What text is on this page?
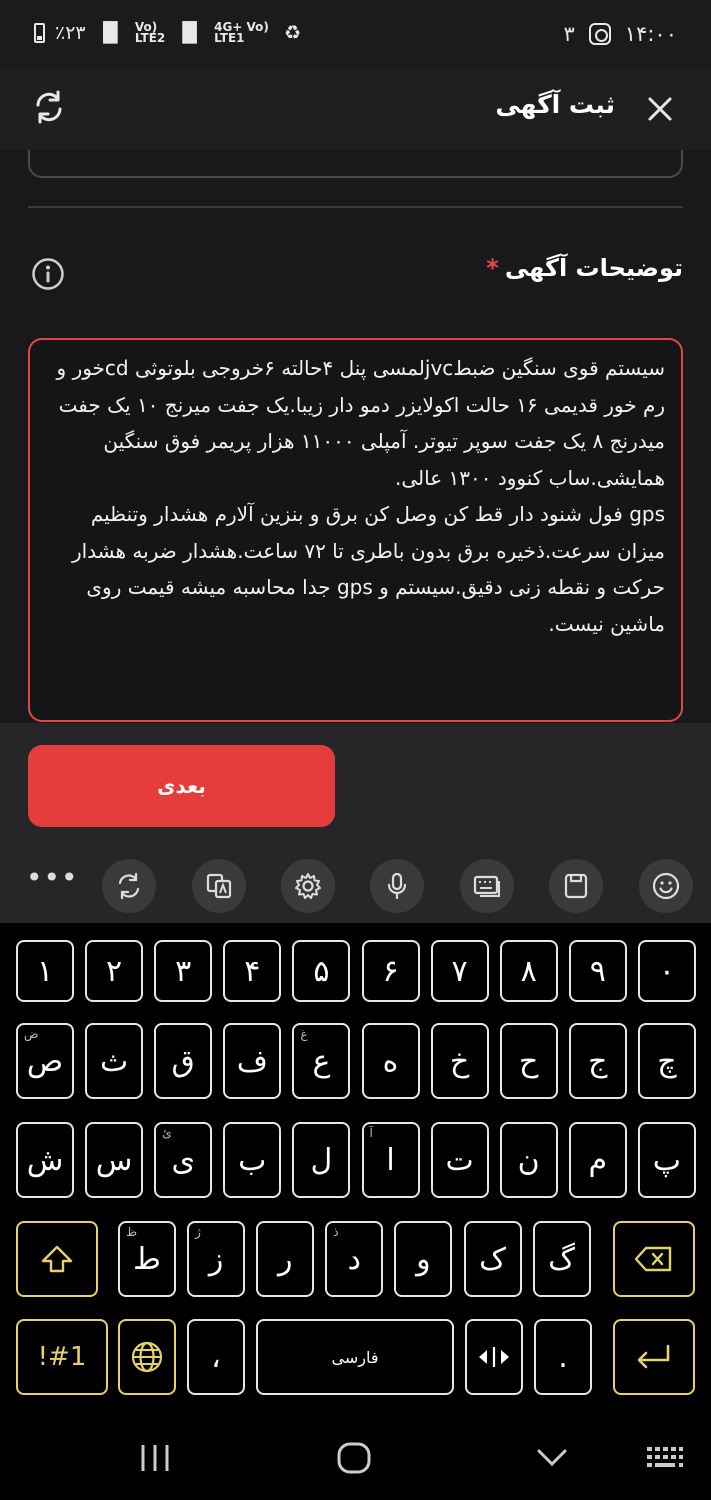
٪۲۳ ▐▌ Vo) LTE2 ▐▌ 4G+ Vo) LTE1	♻	۳ ۱۴:۰۰
ثبت آگهی
توضیحات آگهی*
سیستم قوی سنگین ضبطjvcلمسی پنل ۴حالته ۶خروجی بلوتوثی cdخور و رم خور قدیمی ۱۶ حالت اکولایزر دمو دار زیبا.یک جفت میرنج ۱۰ یک جفت میدرنج ۸ یک جفت سوپر تیوتر. آمپلی ۱۱۰۰۰ هزار پریمر فوق سنگین همایشی.ساب کنوود ۱۳۰۰ عالی.
gps فول شنود دار قط کن وصل کن برق و بنزین آلارم هشدار وتنظیم میزان سرعت.ذخیره برق بدون باطری تا ۷۲ ساعت.هشدار ضربه هشدار حرکت و نقطه زنی دقیق.سیستم و gps جدا محاسبه میشه قیمت روی ماشین نیست.
بعدی
•••
۱ ۲ ۳ ۴ ۵ ۶ ۷ ۸ ۹ ۰
ض
ص ث ق ف
غ
ع ه خ ح ج چ
ش س
ئ
ی ب ل
آ
ا ت ن م پ
ظ
ط
ژ
ز ر
ذ
د و ک گ
!#1	،	فارسی	.
